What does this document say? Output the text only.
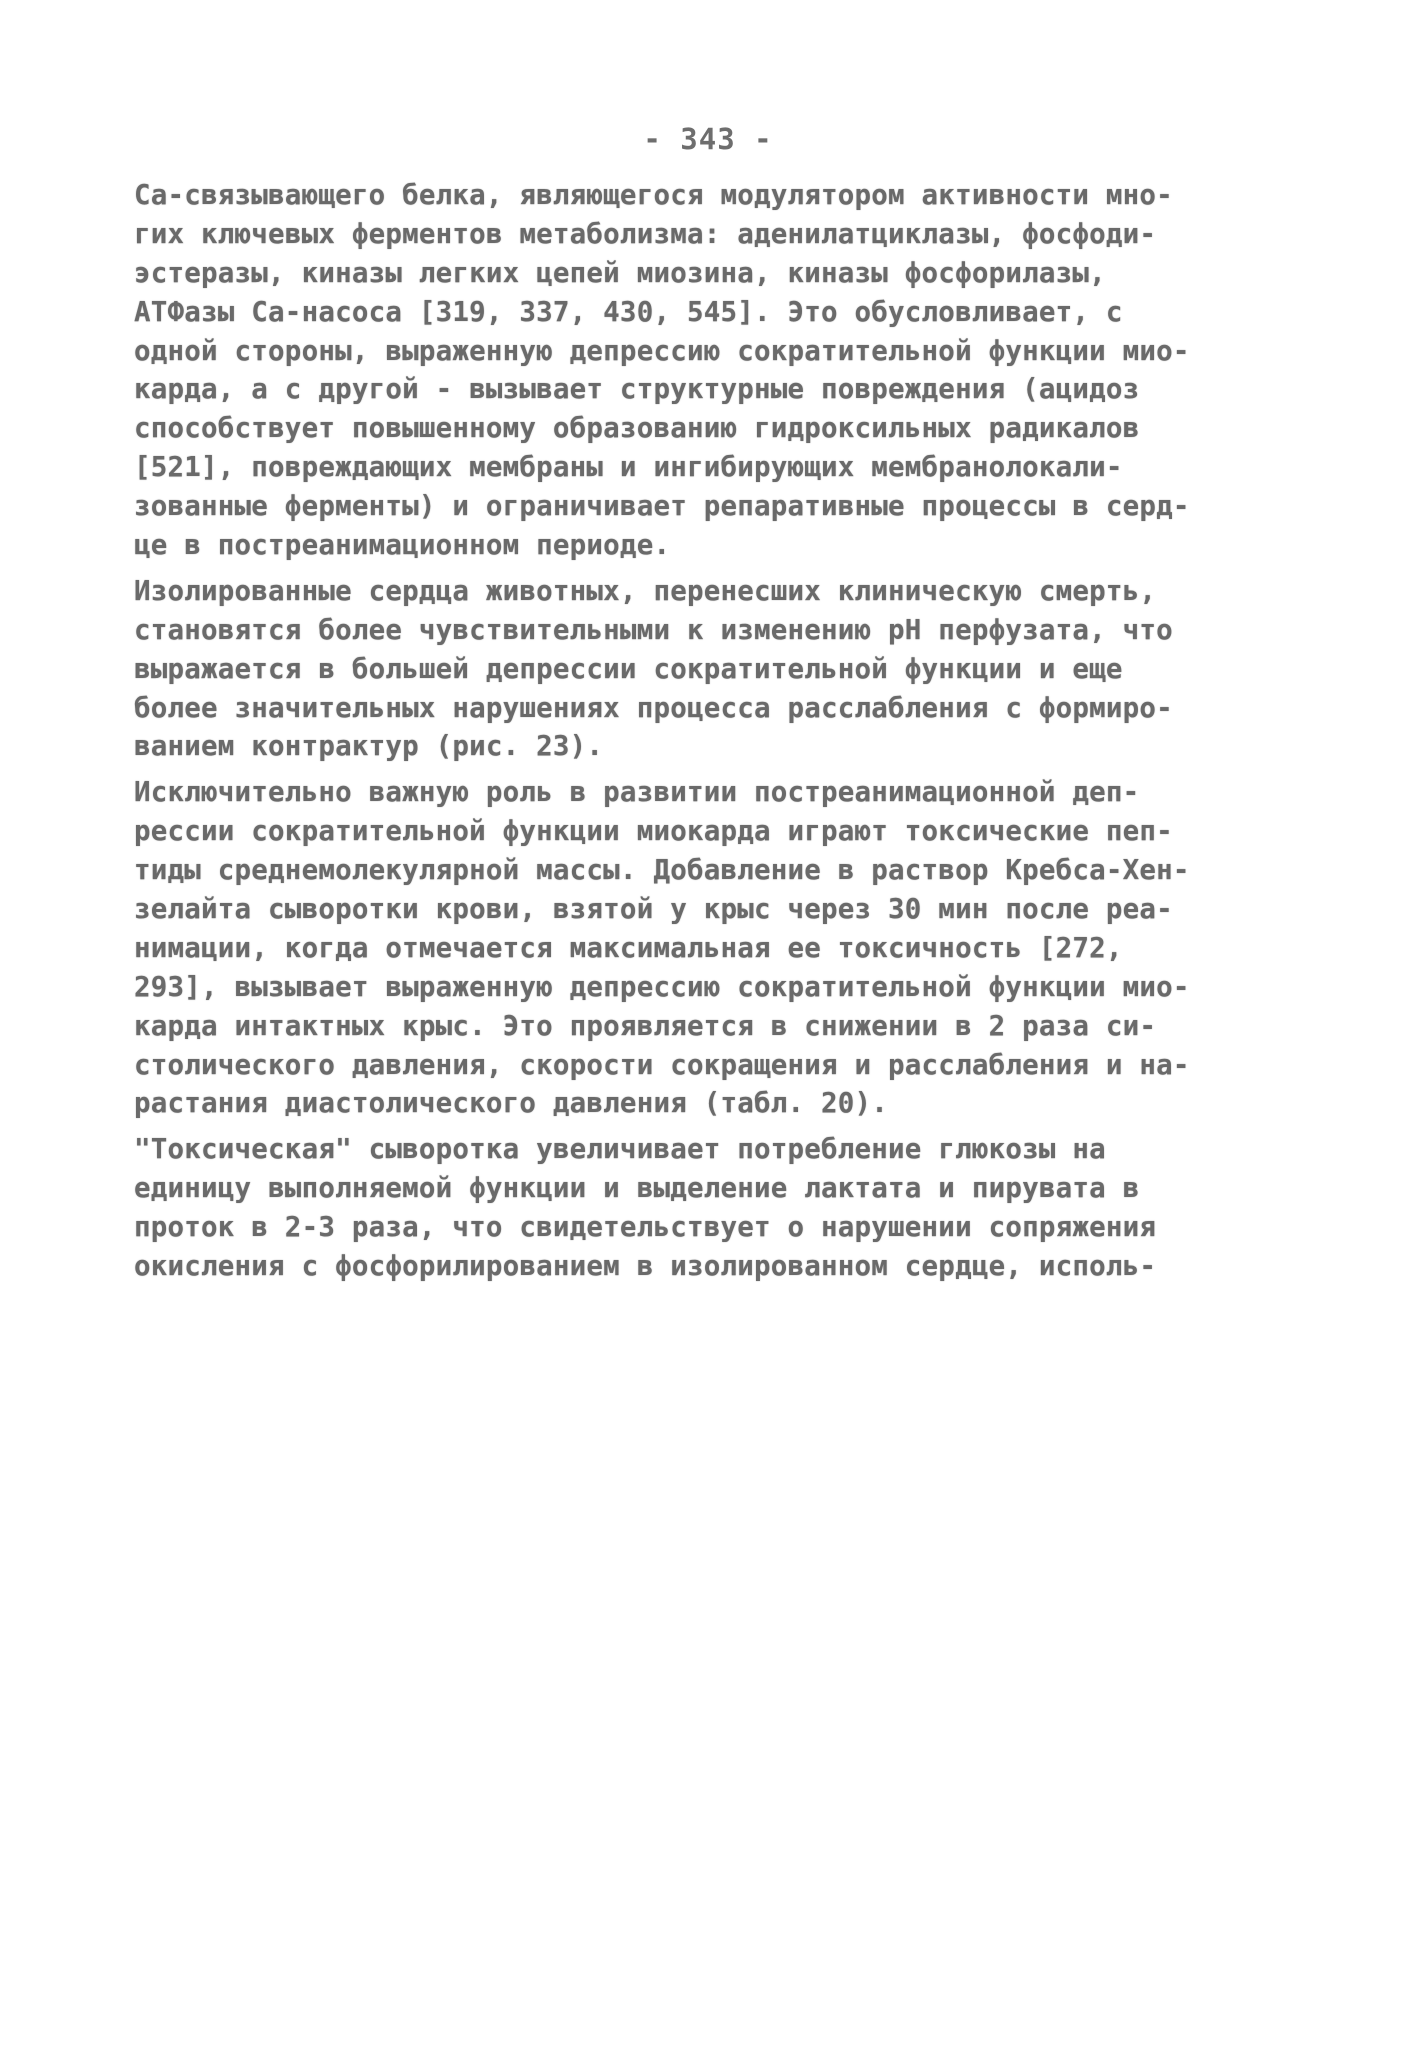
- 343 -
Ca-связывающего белка, являющегося модулятором активности мно-
гих ключевых ферментов метаболизма: аденилатциклазы, фосфоди-
эстеразы, киназы легких цепей миозина, киназы фосфорилазы,
АТФазы Ca-насоса [319, 337, 430, 545]. Это обусловливает, с
одной стороны, выраженную депрессию сократительной функции мио-
карда, а с другой - вызывает структурные повреждения (ацидоз
способствует повышенному образованию гидроксильных радикалов
[521], повреждающих мембраны и ингибирующих мембранолокали-
зованные ферменты) и ограничивает репаративные процессы в серд-
це в постреанимационном периоде.
Изолированные сердца животных, перенесших клиническую смерть,
становятся более чувствительными к изменению pH перфузата, что
выражается в большей депрессии сократительной функции и еще
более значительных нарушениях процесса расслабления с формиро-
ванием контрактур (рис. 23).
Исключительно важную роль в развитии постреанимационной деп-
рессии сократительной функции миокарда играют токсические пеп-
тиды среднемолекулярной массы. Добавление в раствор Кребса-Хен-
зелайта сыворотки крови, взятой у крыс через 30 мин после реа-
нимации, когда отмечается максимальная ее токсичность [272,
293], вызывает выраженную депрессию сократительной функции мио-
карда интактных крыс. Это проявляется в снижении в 2 раза си-
столического давления, скорости сокращения и расслабления и на-
растания диастолического давления (табл. 20).
"Токсическая" сыворотка увеличивает потребление глюкозы на
единицу выполняемой функции и выделение лактата и пирувата в
проток в 2-3 раза, что свидетельствует о нарушении сопряжения
окисления с фосфорилированием в изолированном сердце, исполь-
